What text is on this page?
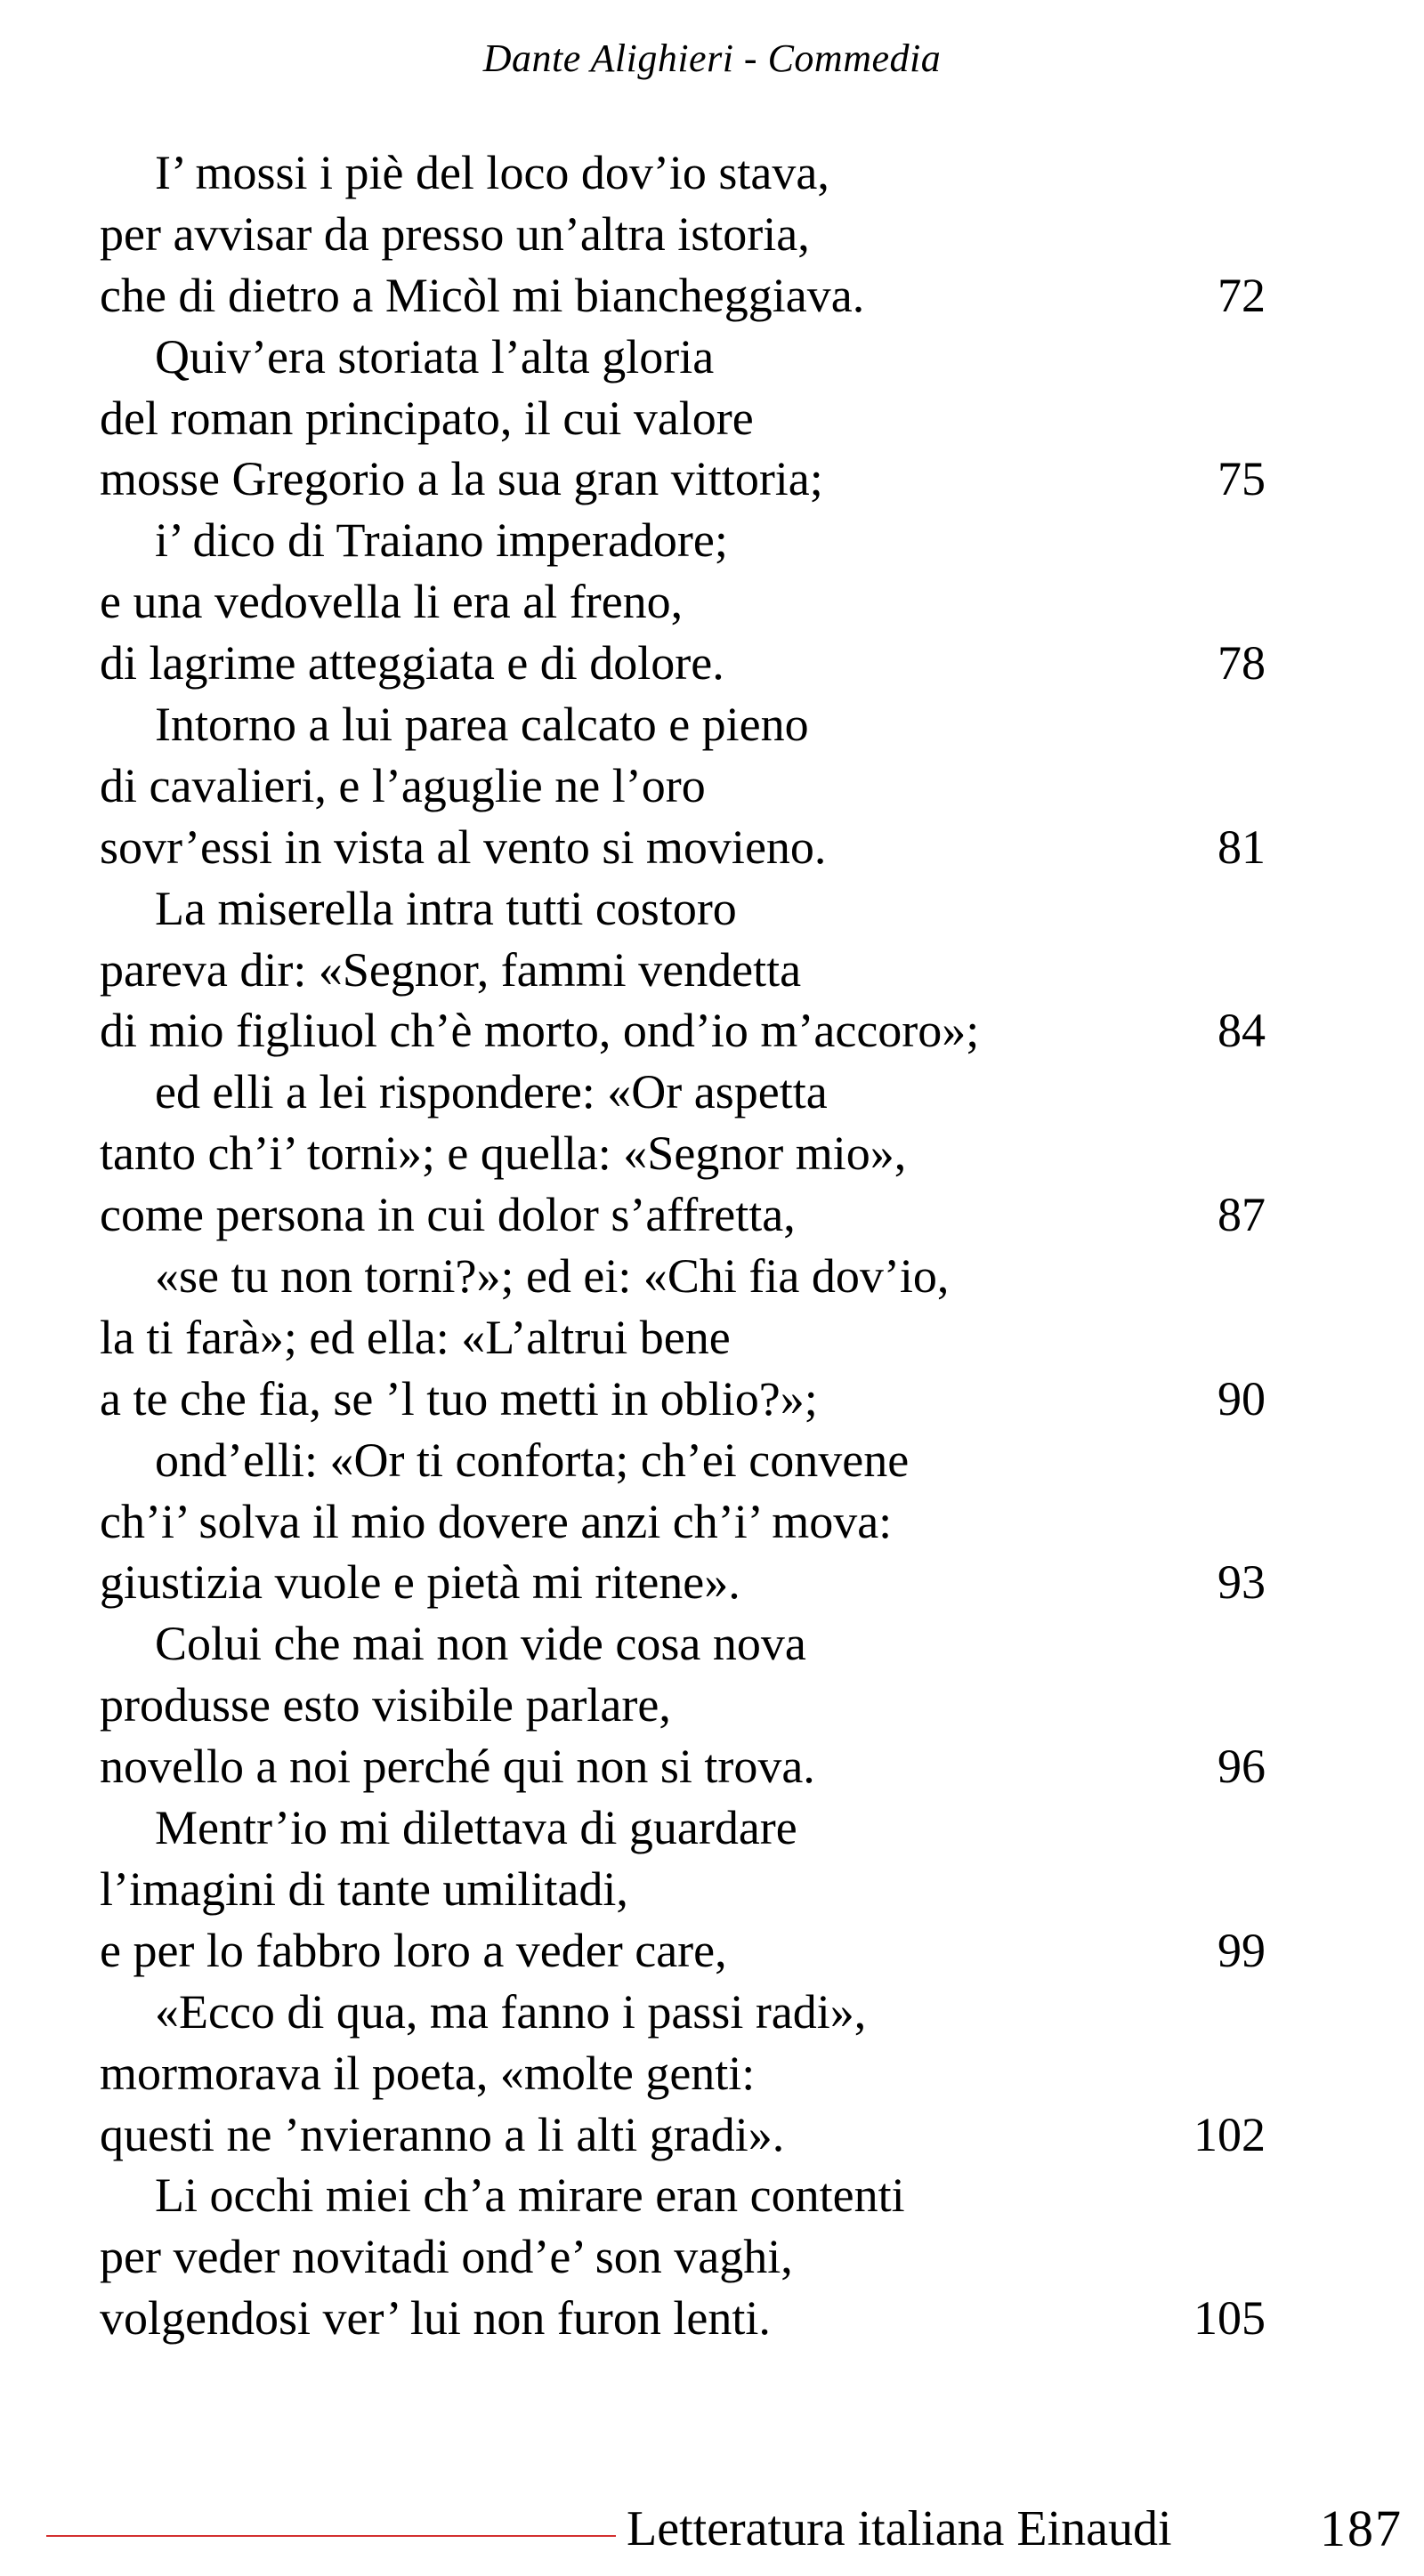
Dante Alighieri - Commedia
I’ mossi i piè del loco dov’io stava,
per avvisar da presso un’altra istoria,
che di dietro a Micòl mi biancheggiava.	72
Quiv’era storiata l’alta gloria
del roman principato, il cui valore
mosse Gregorio a la sua gran vittoria;	75
i’ dico di Traiano imperadore;
e una vedovella li era al freno,
di lagrime atteggiata e di dolore.	78
Intorno a lui parea calcato e pieno
di cavalieri, e l’aguglie ne l’oro
sovr’essi in vista al vento si movieno.	81
La miserella intra tutti costoro
pareva dir: «Segnor, fammi vendetta
di mio figliuol ch’è morto, ond’io m’accoro»;	84
ed elli a lei rispondere: «Or aspetta
tanto ch’i’ torni»; e quella: «Segnor mio»,
come persona in cui dolor s’affretta,	87
«se tu non torni?»; ed ei: «Chi fia dov’io,
la ti farà»; ed ella: «L’altrui bene
a te che fia, se ’l tuo metti in oblio?»;	90
ond’elli: «Or ti conforta; ch’ei convene
ch’i’ solva il mio dovere anzi ch’i’ mova:
giustizia vuole e pietà mi ritene».	93
Colui che mai non vide cosa nova
produsse esto visibile parlare,
novello a noi perché qui non si trova.	96
Mentr’io mi dilettava di guardare
l’imagini di tante umilitadi,
e per lo fabbro loro a veder care,	99
«Ecco di qua, ma fanno i passi radi»,
mormorava il poeta, «molte genti:
questi ne ’nvieranno a li alti gradi».	102
Li occhi miei ch’a mirare eran contenti
per veder novitadi ond’e’ son vaghi,
volgendosi ver’ lui non furon lenti.	105
Letteratura italiana Einaudi	187
